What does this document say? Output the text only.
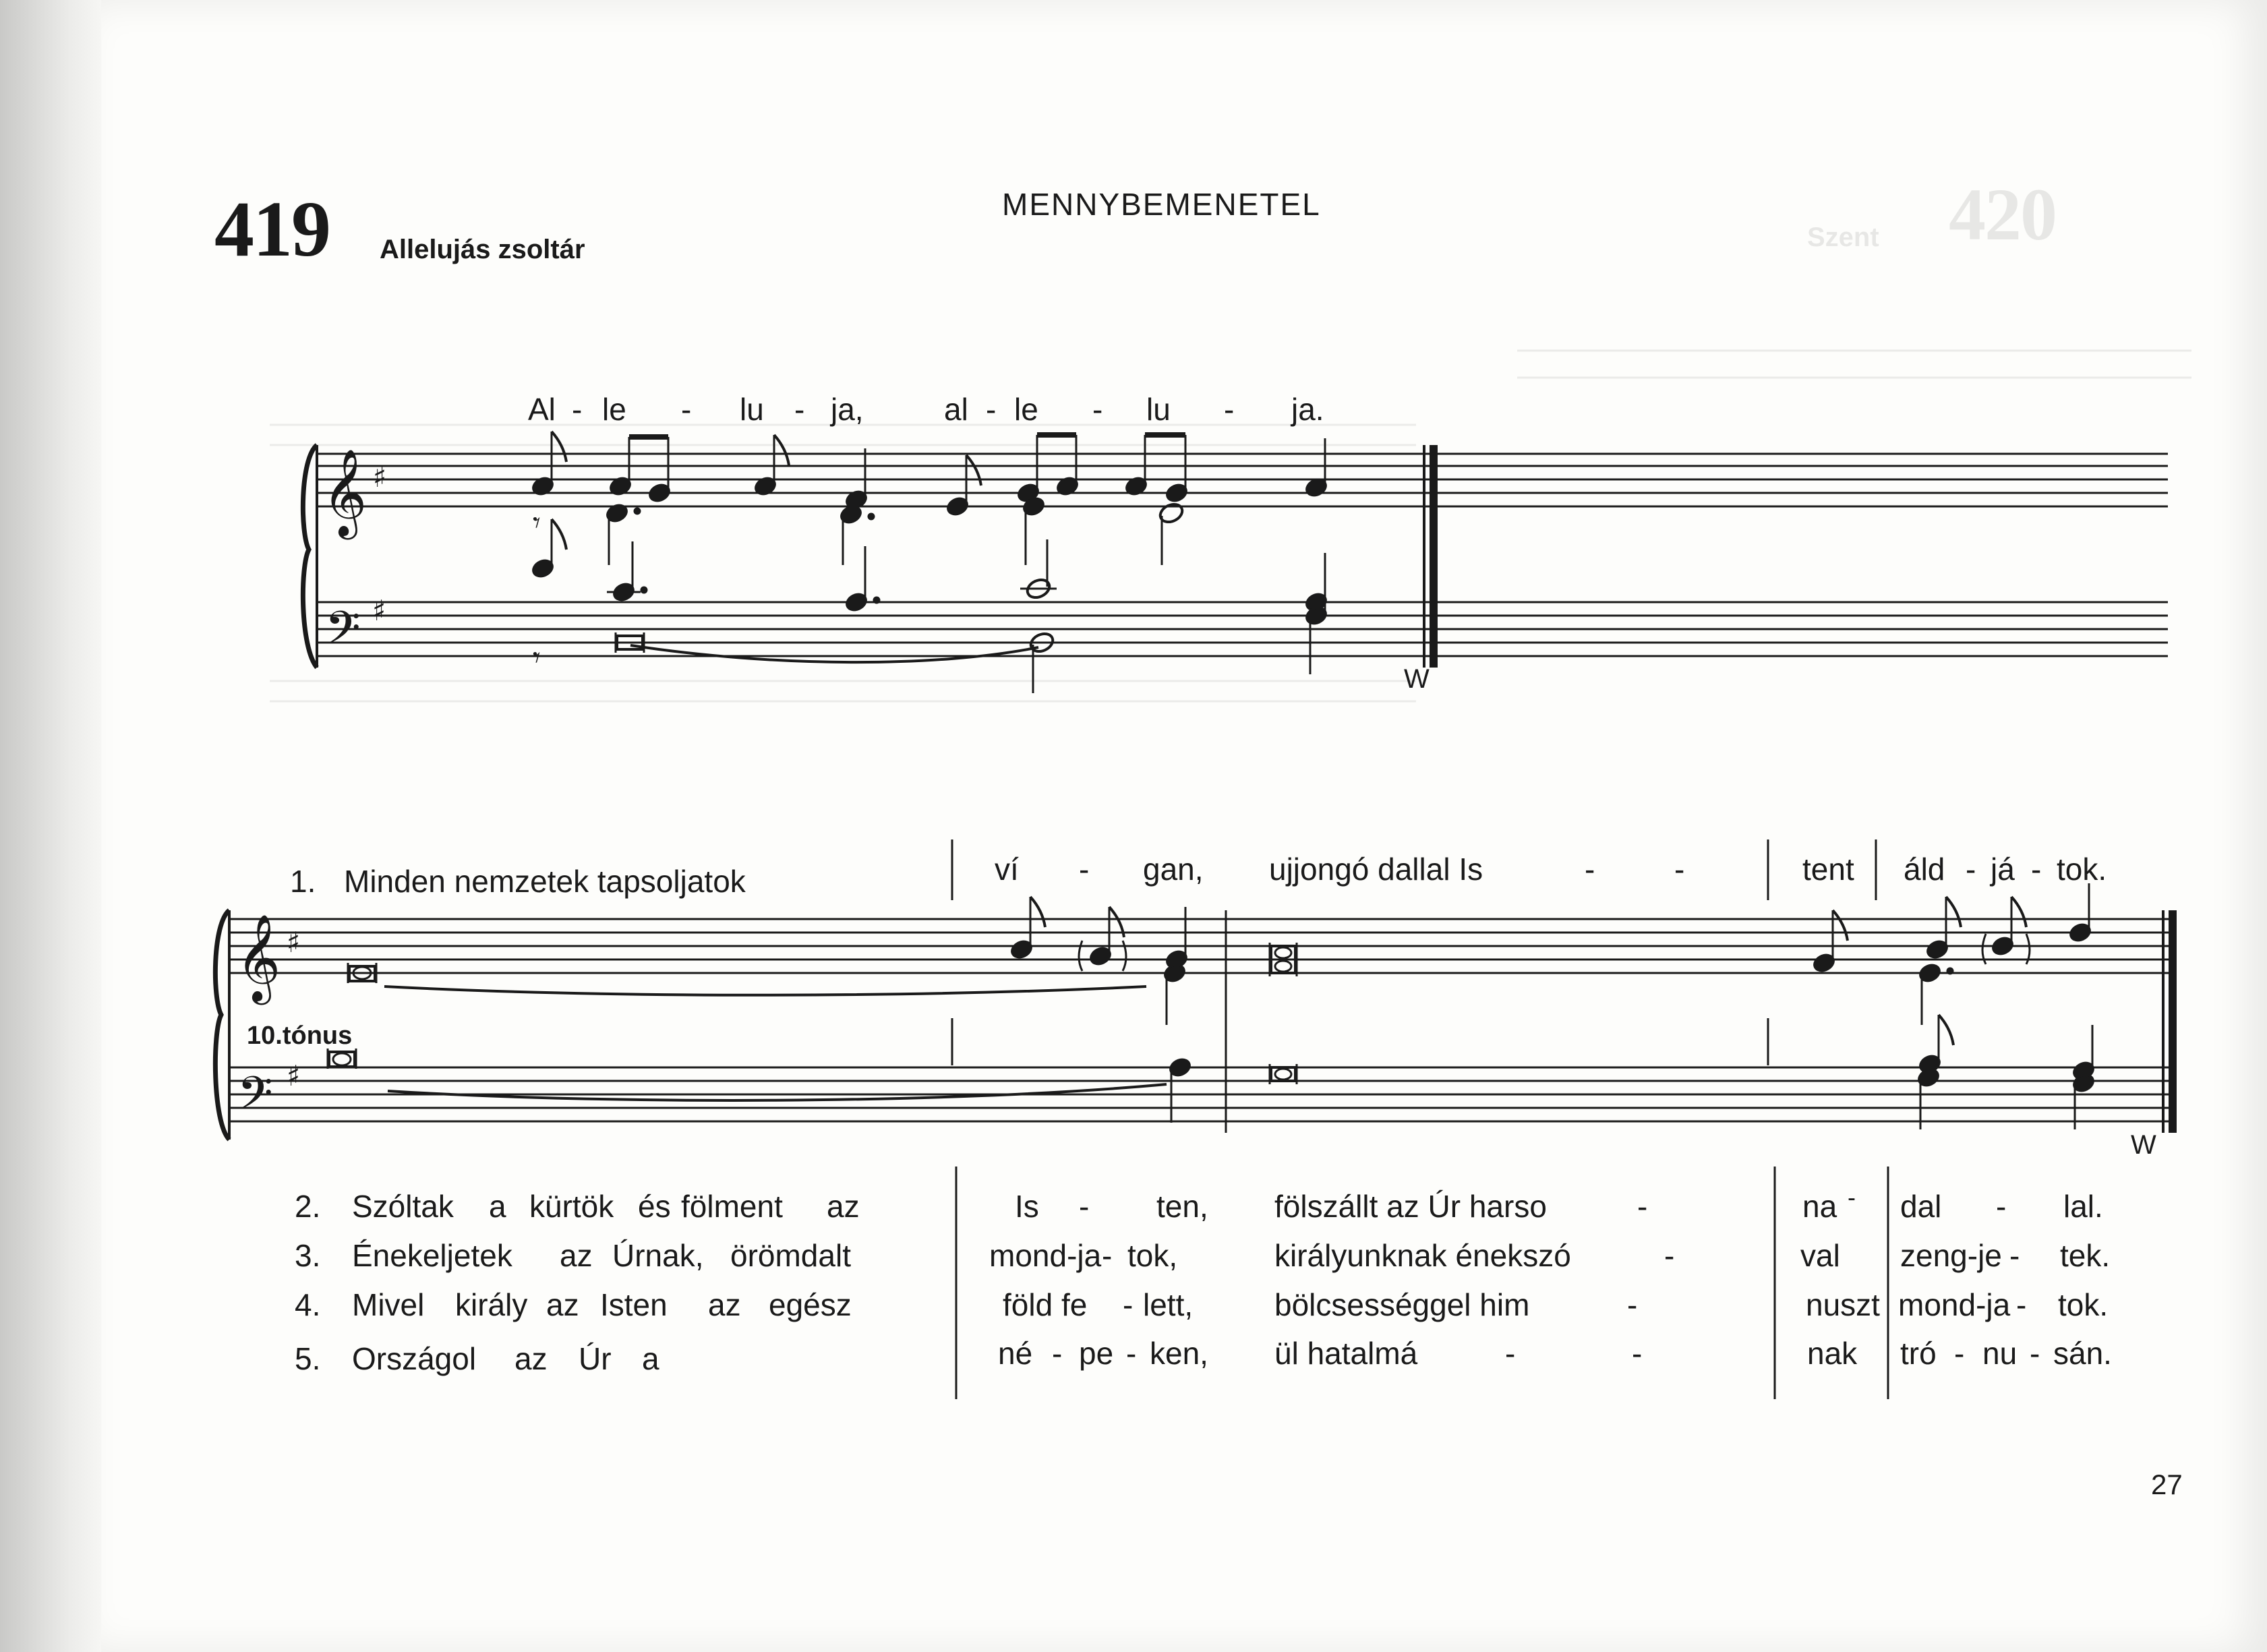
420
Szent
419 Allelujás zsoltár
MENNYBEMENETEL
Al - le - lu - ja,	al - le - lu - ja.
W
1. Minden nemzetek tapsoljatok	ví - gan, ujjongó dallal Is	-	-	tent áld - já - tok.
10.tónus
W
2. Szóltak a kürtök és fölment az	Is - ten, fölszállt az Úr harso	-	na - dal - lal.
3. Énekeljetek az Úrnak, örömdalt	mond-ja - tok,	királyunknak énekszó	-	val zeng-je - tek.
4. Mivel király az Isten az egész	föld fe - lett,	bölcsességgel him	-	nuszt mond-ja - tok.
5. Országol az Úr a	né - pe - ken, ül hatalmá	-	-	nak tró - nu - sán.
27
𝄞
𝄢
♯
♯
𝄞
𝄢
♯
♯
𝄾
𝄾
